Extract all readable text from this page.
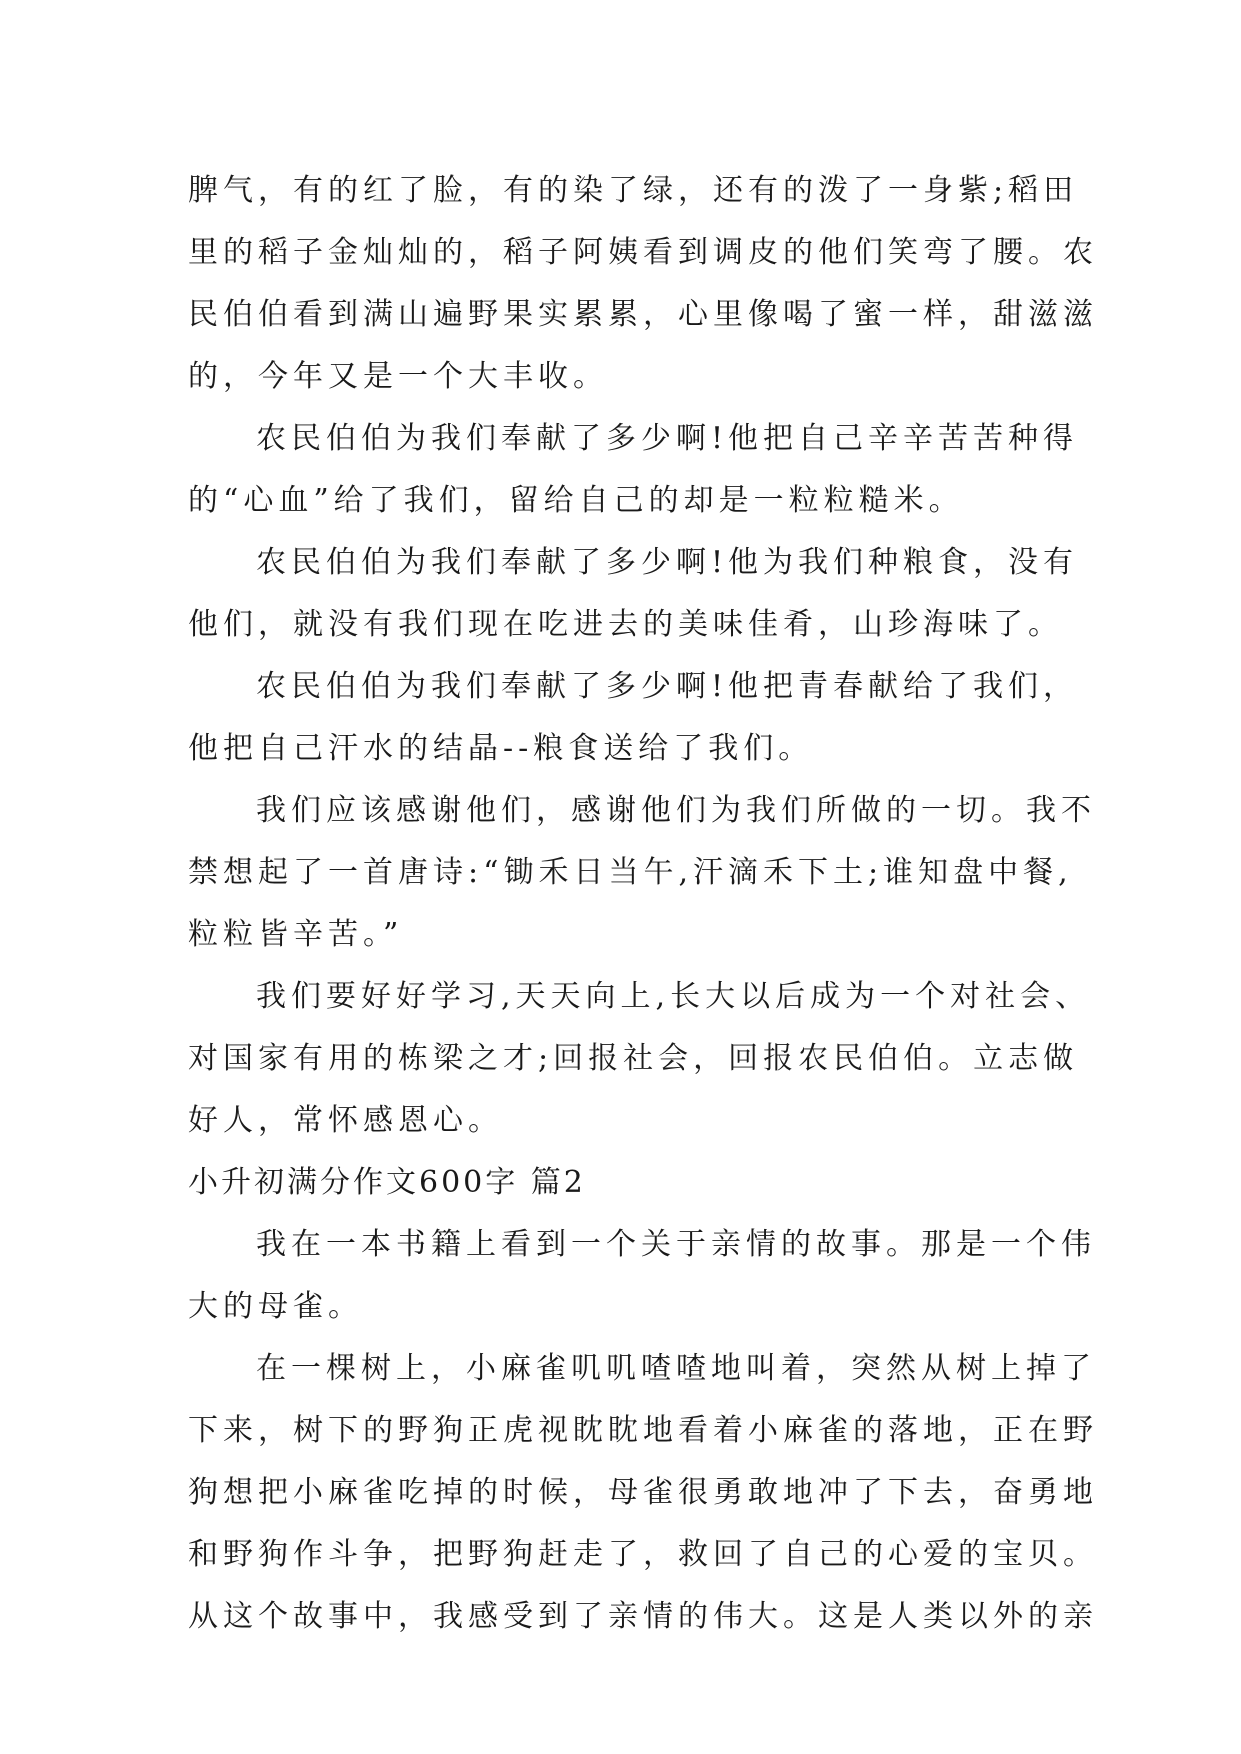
脾气，有的红了脸，有的染了绿，还有的泼了一身紫;稻田
里的稻子金灿灿的，稻子阿姨看到调皮的他们笑弯了腰。农
民伯伯看到满山遍野果实累累，心里像喝了蜜一样，甜滋滋
的，今年又是一个大丰收。
农民伯伯为我们奉献了多少啊!他把自己辛辛苦苦种得
的“心血”给了我们，留给自己的却是一粒粒糙米。
农民伯伯为我们奉献了多少啊!他为我们种粮食，没有
他们，就没有我们现在吃进去的美味佳肴，山珍海味了。
农民伯伯为我们奉献了多少啊!他把青春献给了我们，
他把自己汗水的结晶--粮食送给了我们。
我们应该感谢他们，感谢他们为我们所做的一切。我不
禁想起了一首唐诗:“锄禾日当午,汗滴禾下土;谁知盘中餐,
粒粒皆辛苦。”
我们要好好学习,天天向上,长大以后成为一个对社会、
对国家有用的栋梁之才;回报社会，回报农民伯伯。立志做
好人，常怀感恩心。
小升初满分作文600字 篇2
我在一本书籍上看到一个关于亲情的故事。那是一个伟
大的母雀。
在一棵树上，小麻雀叽叽喳喳地叫着，突然从树上掉了
下来，树下的野狗正虎视眈眈地看着小麻雀的落地，正在野
狗想把小麻雀吃掉的时候，母雀很勇敢地冲了下去，奋勇地
和野狗作斗争，把野狗赶走了，救回了自己的心爱的宝贝。
从这个故事中，我感受到了亲情的伟大。这是人类以外的亲
